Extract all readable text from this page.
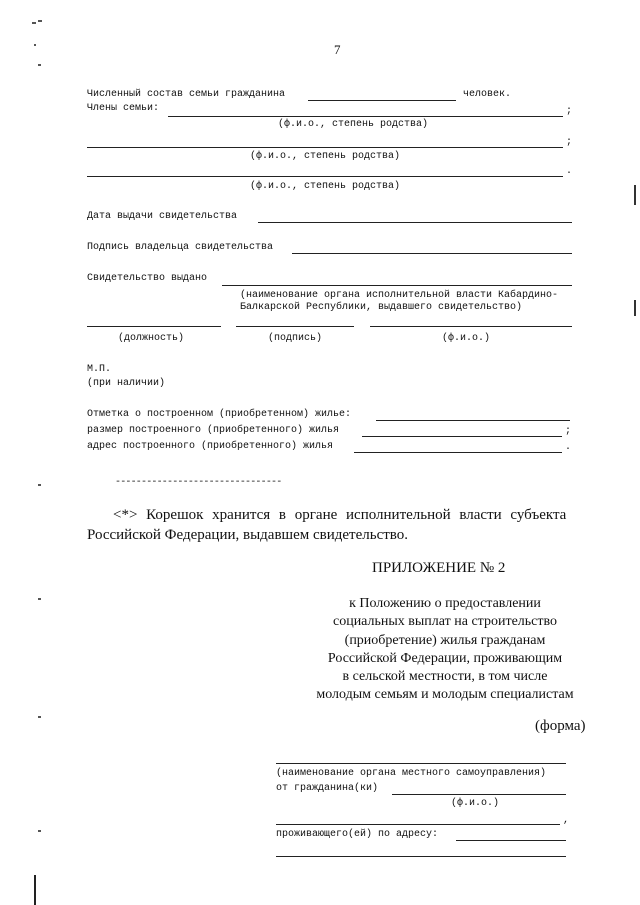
7
Численный состав семьи гражданина	человек.
Члены семьи:	;
(ф.и.о., степень родства)
;
(ф.и.о., степень родства)
.
(ф.и.о., степень родства)
Дата выдачи свидетельства
Подпись владельца свидетельства
Свидетельство выдано
(наименование органа исполнительной власти Кабардино-
Балкарской Республики, выдавшего свидетельство)
(должность)	(подпись)	(ф.и.о.)
М.П.
(при наличии)
Отметка о построенном (приобретенном) жилье:
размер построенного (приобретенного) жилья	;
адрес построенного (приобретенного) жилья	.
--------------------------------
<*> Корешок хранится в органе исполнительной власти субъекта
Российской Федерации, выдавшем свидетельство.
ПРИЛОЖЕНИЕ № 2
к Положению о предоставлении
социальных выплат на строительство
(приобретение) жилья гражданам
Российской Федерации, проживающим
в сельской местности, в том числе
молодым семьям и молодым специалистам
(форма)
(наименование органа местного самоуправления)
от гражданина(ки)
(ф.и.о.)
,
проживающего(ей) по адресу:
